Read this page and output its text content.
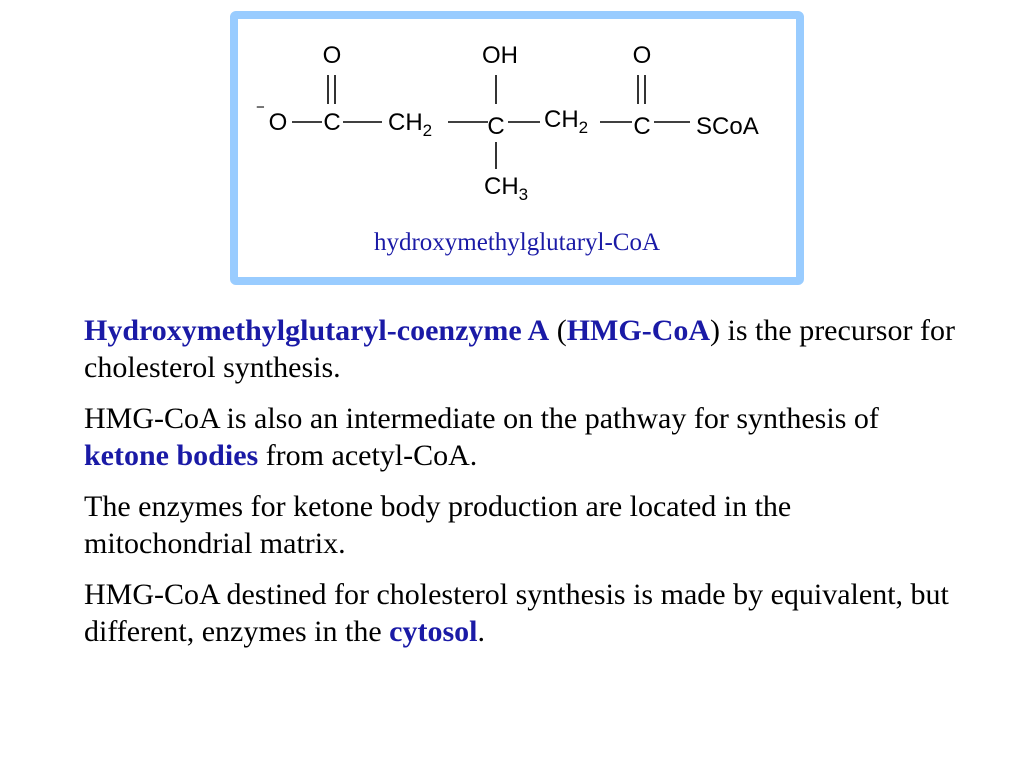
O	OH	O
−
O C $CH_2$ C $CH_2$ C SCoA
$CH_3$
hydroxymethylglutaryl-CoA

Hydroxymethylglutaryl-coenzyme A (HMG-CoA) is the precursor for cholesterol synthesis.

HMG-CoA is also an intermediate on the pathway for synthesis of ketone bodies from acetyl-CoA.

The enzymes for ketone body production are located in the mitochondrial matrix.

HMG-CoA destined for cholesterol synthesis is made by equivalent, but different, enzymes in the cytosol.
